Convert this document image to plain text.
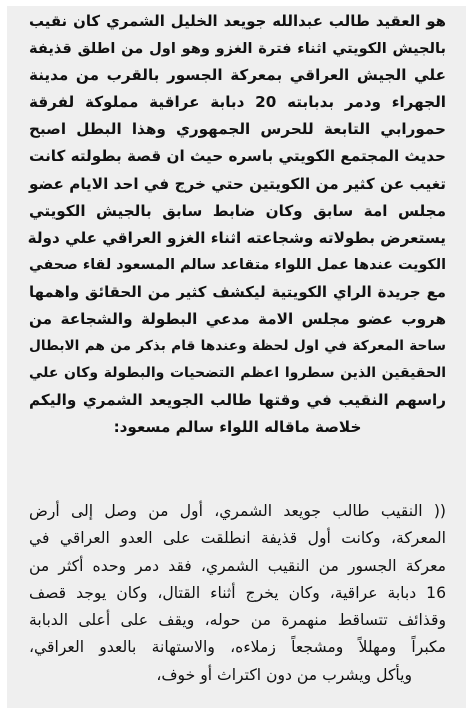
هو العقيد طالب عبدالله جويعد الخليل الشمري كان نقيب
بالجيش الكويتي اثناء فترة الغزو وهو اول من اطلق قذيفة
علي الجيش العراقي بمعركة الجسور بالقرب من مدينة
الجهراء ودمر بدبابته 20 دبابة عراقية مملوكة لفرقة
حمورابي التابعة للحرس الجمهوري وهذا البطل اصبح
حديث المجتمع الكويتي باسره حيث ان قصة بطولته كانت
تغيب عن كثير من الكويتين حتي خرج في احد الايام عضو
مجلس امة سابق وكان ضابط سابق بالجيش الكويتي
يستعرض بطولاته وشجاعته اثناء الغزو العراقي علي دولة
الكويت عندها عمل اللواء متقاعد سالم المسعود لقاء صحفي
مع جريدة الراي الكويتية ليكشف كثير من الحقائق واهمها
هروب عضو مجلس الامة مدعي البطولة والشجاعة من
ساحة المعركة في اول لحظة وعندها قام بذكر من هم الابطال
الحقيقين الذين سطروا اعظم التضحيات والبطولة وكان علي
راسهم النقيب في وقتها طالب الجويعد الشمري واليكم
خلاصة ماقاله اللواء سالم مسعود:
(( النقيب طالب جويعد الشمري، أول من وصل إلى أرض
المعركة، وكانت أول قذيفة انطلقت على العدو العراقي في
معركة الجسور من النقيب الشمري، فقد دمر وحده أكثر من
16 دبابة عراقية، وكان يخرج أثناء القتال، وكان يوجد قصف
وقذائف تتساقط منهمرة من حوله، ويقف على أعلى الدبابة
مكبراً ومهللاً ومشجعاً زملاءه، والاستهانة بالعدو العراقي،
ويأكل ويشرب من دون اكتراث أو خوف،
